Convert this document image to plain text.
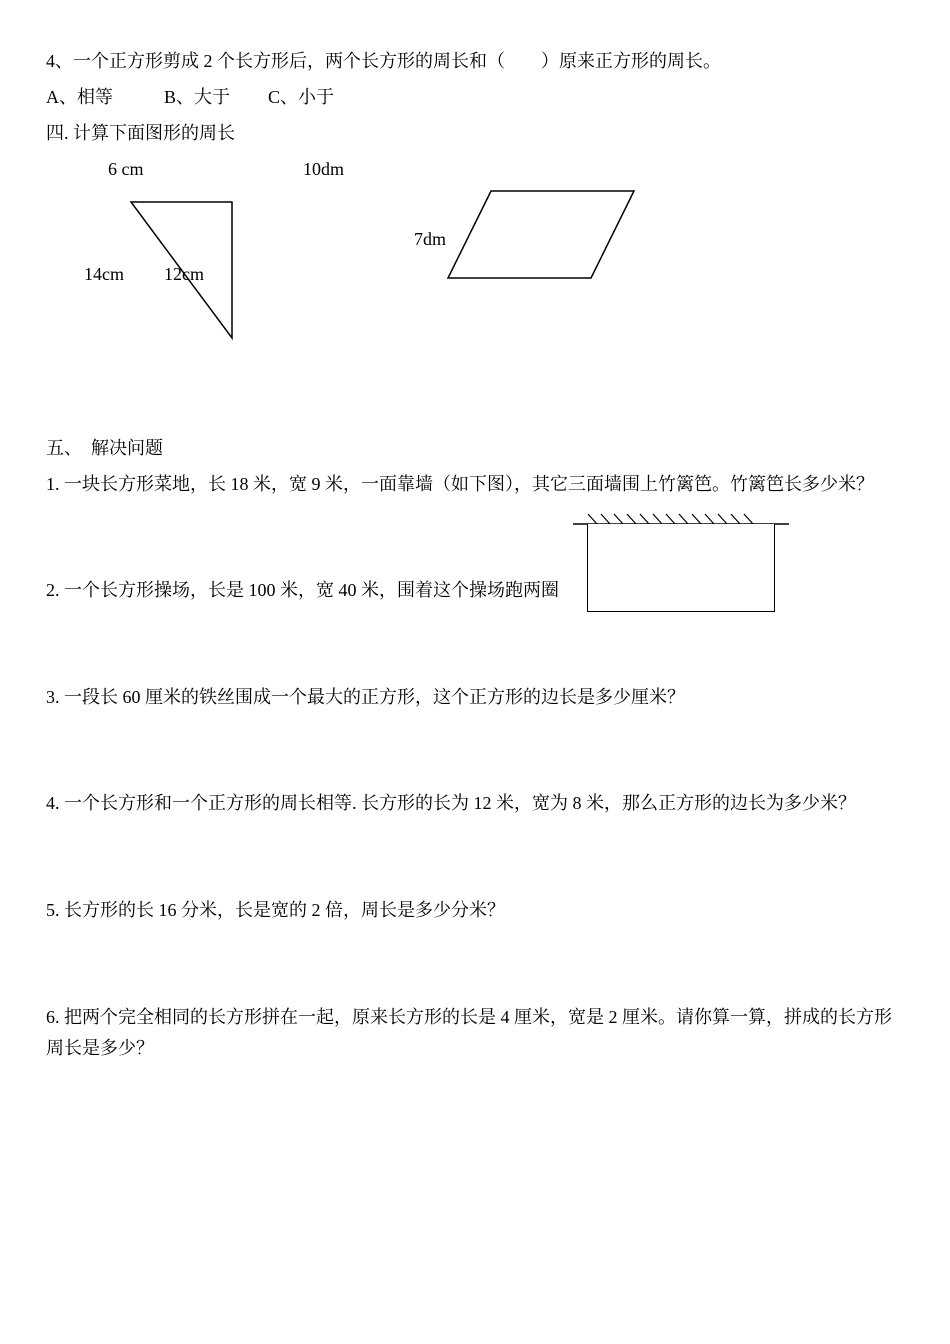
4、一个正方形剪成 2 个长方形后，两个长方形的周长和（　　）原来正方形的周长。
A、相等	B、大于 C、小于
四. 计算下面图形的周长
6 cm
14cm 12cm
10dm
7dm
五、　解决问题
1. 一块长方形菜地，长 18 米，宽 9 米，一面靠墙（如下图），其它三面墙围上竹篱笆。竹篱笆长多少米？
2. 一个长方形操场，长是 100 米，宽 40 米，围着这个操场跑两圈
3. 一段长 60 厘米的铁丝围成一个最大的正方形，这个正方形的边长是多少厘米？
4. 一个长方形和一个正方形的周长相等. 长方形的长为 12 米，宽为 8 米，那么正方形的边长为多少米？
5. 长方形的长 16 分米，长是宽的 2 倍，周长是多少分米？
6. 把两个完全相同的长方形拼在一起，原来长方形的长是 4 厘米，宽是 2 厘米。请你算一算，拼成的长方形周长是多少？
